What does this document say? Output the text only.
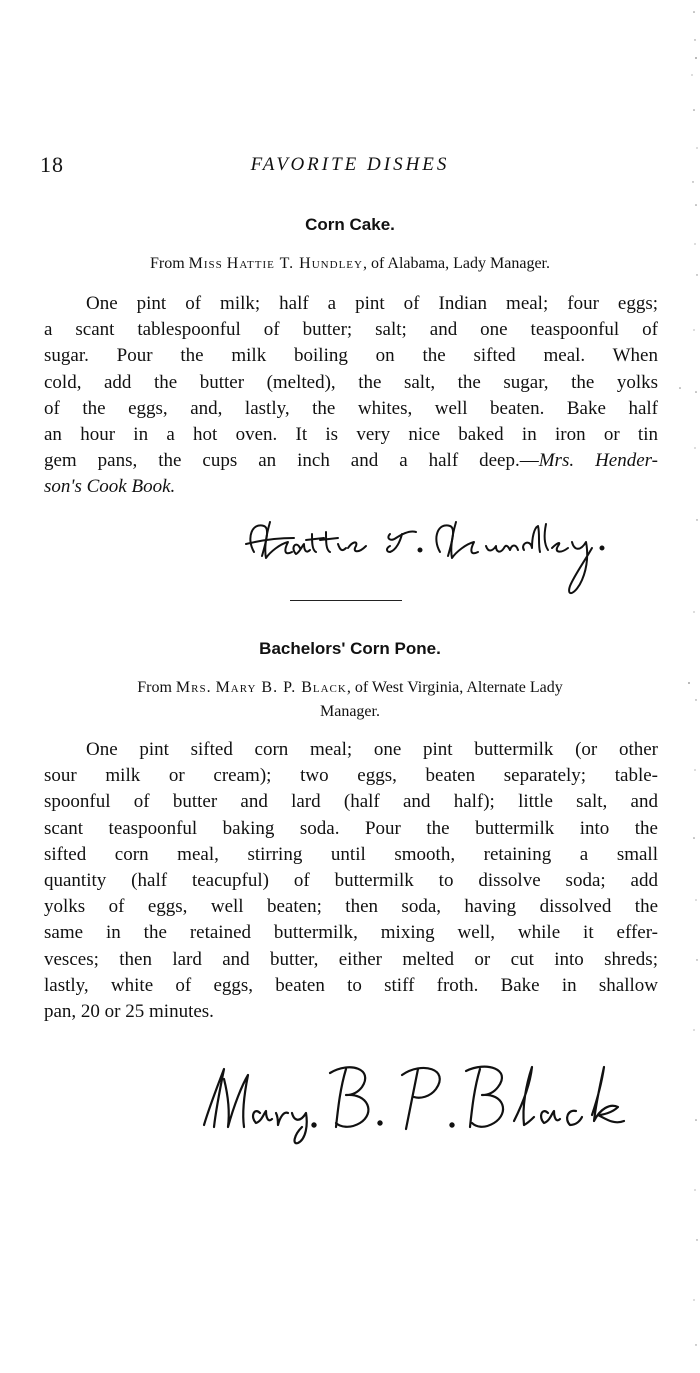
18	FAVORITE DISHES
Corn Cake.
From Miss Hattie T. Hundley, of Alabama, Lady Manager.
One pint of milk; half a pint of Indian meal; four eggs;
a scant tablespoonful of butter; salt; and one teaspoonful of
sugar. Pour the milk boiling on the sifted meal. When
cold, add the butter (melted), the salt, the sugar, the yolks
of the eggs, and, lastly, the whites, well beaten. Bake half
an hour in a hot oven. It is very nice baked in iron or tin
gem pans, the cups an inch and a half deep.—Mrs. Hender-
son's Cook Book.
Bachelors' Corn Pone.
From Mrs. Mary B. P. Black, of West Virginia, Alternate Lady
Manager.
One pint sifted corn meal; one pint buttermilk (or other
sour milk or cream); two eggs, beaten separately; table-
spoonful of butter and lard (half and half); little salt, and
scant teaspoonful baking soda. Pour the buttermilk into the
sifted corn meal, stirring until smooth, retaining a small
quantity (half teacupful) of buttermilk to dissolve soda; add
yolks of eggs, well beaten; then soda, having dissolved the
same in the retained buttermilk, mixing well, while it effer-
vesces; then lard and butter, either melted or cut into shreds;
lastly, white of eggs, beaten to stiff froth. Bake in shallow
pan, 20 or 25 minutes.
